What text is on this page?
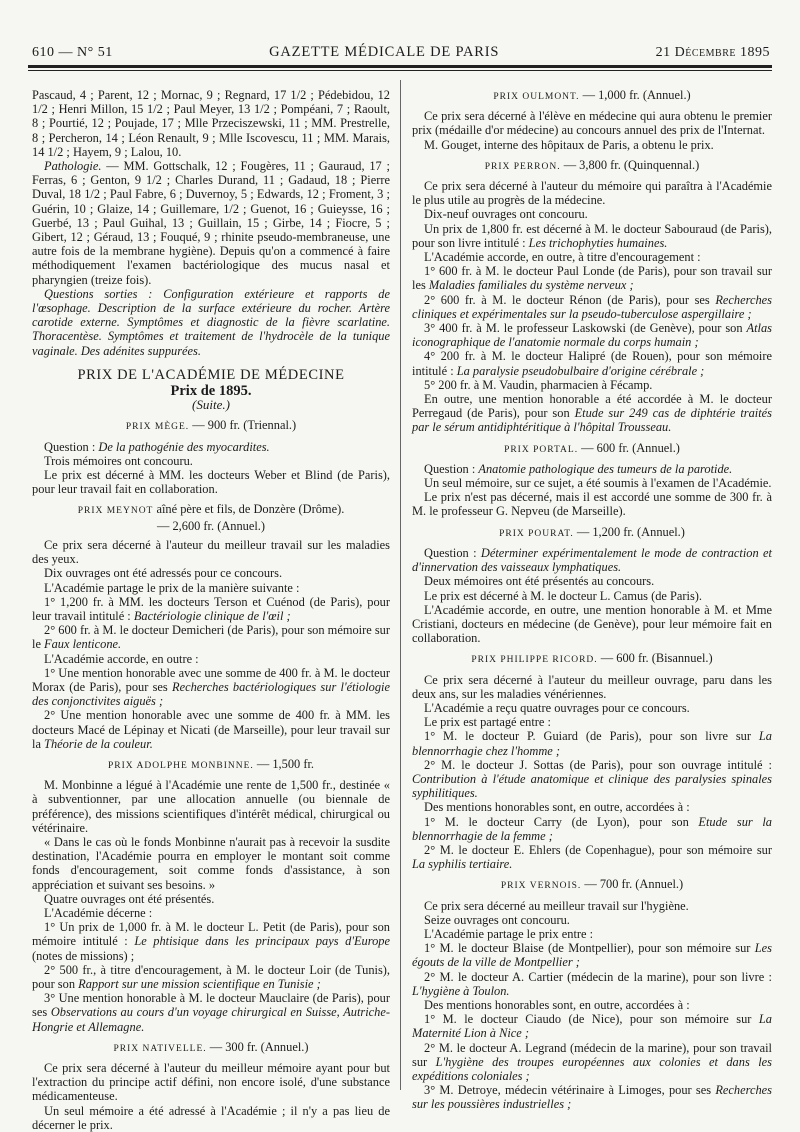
610 — N° 51	GAZETTE MÉDICALE DE PARIS	21 Décembre 1895

Pascaud, 4 ; Parent, 12 ; Mornac, 9 ; Regnard, 17 1/2 ; Pédebidou, 12 1/2 ; Henri Millon, 15 1/2 ; Paul Meyer, 13 1/2 ; Pompéani, 7 ; Raoult, 8 ; Pourtié, 12 ; Poujade, 17 ; Mlle Przeciszewski, 11 ; MM. Prestrelle, 8 ; Percheron, 14 ; Léon Renault, 9 ; Mlle Iscovescu, 11 ; MM. Marais, 14 1/2 ; Hayem, 9 ; Lalou, 10.

Pathologie. — MM. Gottschalk, 12 ; Fougères, 11 ; Gauraud, 17 ; Ferras, 6 ; Genton, 9 1/2 ; Charles Durand, 11 ; Gadaud, 18 ; Pierre Duval, 18 1/2 ; Paul Fabre, 6 ; Duvernoy, 5 ; Edwards, 12 ; Froment, 3 ; Guérin, 10 ; Glaize, 14 ; Guillemare, 1/2 ; Guenot, 16 ; Guieysse, 16 ; Guerbé, 13 ; Paul Guihal, 13 ; Guillain, 15 ; Girbe, 14 ; Fiocre, 5 ; Gibert, 12 ; Géraud, 13 ; Fouqué, 9 ; rhinite pseudo-membraneuse, une autre fois de la membrane hygiène). Depuis qu'on a commencé à faire méthodiquement l'examen bactériologique des mucus nasal et pharyngien (treize fois).

Questions sorties : Configuration extérieure et rapports de l'œsophage. Description de la surface extérieure du rocher. Artère carotide externe. Symptômes et diagnostic de la fièvre scarlatine. Thoracentèse. Symptômes et traitement de l'hydrocèle de la tunique vaginale. Des adénites suppurées.

PRIX DE L'ACADÉMIE DE MÉDECINE
Prix de 1895.
(Suite.)
PRIX MÈGE. — 900 fr. (Triennal.)

Question : De la pathogénie des myocardites.

Trois mémoires ont concouru.

Le prix est décerné à MM. les docteurs Weber et Blind (de Paris), pour leur travail fait en collaboration.

PRIX MEYNOT aîné père et fils, de Donzère (Drôme).
— 2,600 fr. (Annuel.)

Ce prix sera décerné à l'auteur du meilleur travail sur les maladies des yeux.

Dix ouvrages ont été adressés pour ce concours.

L'Académie partage le prix de la manière suivante :

1° 1,200 fr. à MM. les docteurs Terson et Cuénod (de Paris), pour leur travail intitulé : Bactériologie clinique de l'œil ;

2° 600 fr. à M. le docteur Demicheri (de Paris), pour son mémoire sur le Faux lenticone.

L'Académie accorde, en outre :

1° Une mention honorable avec une somme de 400 fr. à M. le docteur Morax (de Paris), pour ses Recherches bactériologiques sur l'étiologie des conjonctivites aiguës ;

2° Une mention honorable avec une somme de 400 fr. à MM. les docteurs Macé de Lépinay et Nicati (de Marseille), pour leur travail sur la Théorie de la couleur.

PRIX ADOLPHE MONBINNE. — 1,500 fr.

M. Monbinne a légué à l'Académie une rente de 1,500 fr., destinée « à subventionner, par une allocation annuelle (ou biennale de préférence), des missions scientifiques d'intérêt médical, chirurgical ou vétérinaire.

« Dans le cas où le fonds Monbinne n'aurait pas à recevoir la susdite destination, l'Académie pourra en employer le montant soit comme fonds d'encouragement, soit comme fonds d'assistance, à son appréciation et suivant ses besoins. »

Quatre ouvrages ont été présentés.

L'Académie décerne :

1° Un prix de 1,000 fr. à M. le docteur L. Petit (de Paris), pour son mémoire intitulé : Le phtisique dans les principaux pays d'Europe (notes de missions) ;

2° 500 fr., à titre d'encouragement, à M. le docteur Loir (de Tunis), pour son Rapport sur une mission scientifique en Tunisie ;

3° Une mention honorable à M. le docteur Mauclaire (de Paris), pour ses Observations au cours d'un voyage chirurgical en Suisse, Autriche-Hongrie et Allemagne.

PRIX NATIVELLE. — 300 fr. (Annuel.)

Ce prix sera décerné à l'auteur du meilleur mémoire ayant pour but l'extraction du principe actif défini, non encore isolé, d'une substance médicamenteuse.

Un seul mémoire a été adressé à l'Académie ; il n'y a pas lieu de décerner le prix.

PRIX OULMONT. — 1,000 fr. (Annuel.)

Ce prix sera décerné à l'élève en médecine qui aura obtenu le premier prix (médaille d'or médecine) au concours annuel des prix de l'Internat.

M. Gouget, interne des hôpitaux de Paris, a obtenu le prix.

PRIX PERRON. — 3,800 fr. (Quinquennal.)

Ce prix sera décerné à l'auteur du mémoire qui paraîtra à l'Académie le plus utile au progrès de la médecine.

Dix-neuf ouvrages ont concouru.

Un prix de 1,800 fr. est décerné à M. le docteur Sabouraud (de Paris), pour son livre intitulé : Les trichophyties humaines.

L'Académie accorde, en outre, à titre d'encouragement :

1° 600 fr. à M. le docteur Paul Londe (de Paris), pour son travail sur les Maladies familiales du système nerveux ;

2° 600 fr. à M. le docteur Rénon (de Paris), pour ses Recherches cliniques et expérimentales sur la pseudo-tuberculose aspergillaire ;

3° 400 fr. à M. le professeur Laskowski (de Genève), pour son Atlas iconographique de l'anatomie normale du corps humain ;

4° 200 fr. à M. le docteur Halipré (de Rouen), pour son mémoire intitulé : La paralysie pseudobulbaire d'origine cérébrale ;

5° 200 fr. à M. Vaudin, pharmacien à Fécamp.

En outre, une mention honorable a été accordée à M. le docteur Perregaud (de Paris), pour son Etude sur 249 cas de diphtérie traités par le sérum antidiphtéritique à l'hôpital Trousseau.

PRIX PORTAL. — 600 fr. (Annuel.)

Question : Anatomie pathologique des tumeurs de la parotide.

Un seul mémoire, sur ce sujet, a été soumis à l'examen de l'Académie.

Le prix n'est pas décerné, mais il est accordé une somme de 300 fr. à M. le professeur G. Nepveu (de Marseille).

PRIX POURAT. — 1,200 fr. (Annuel.)

Question : Déterminer expérimentalement le mode de contraction et d'innervation des vaisseaux lymphatiques.

Deux mémoires ont été présentés au concours.

Le prix est décerné à M. le docteur L. Camus (de Paris).

L'Académie accorde, en outre, une mention honorable à M. et Mme Cristiani, docteurs en médecine (de Genève), pour leur mémoire fait en collaboration.

PRIX PHILIPPE RICORD. — 600 fr. (Bisannuel.)

Ce prix sera décerné à l'auteur du meilleur ouvrage, paru dans les deux ans, sur les maladies vénériennes.

L'Académie a reçu quatre ouvrages pour ce concours.

Le prix est partagé entre :

1° M. le docteur P. Guiard (de Paris), pour son livre sur La blennorrhagie chez l'homme ;

2° M. le docteur J. Sottas (de Paris), pour son ouvrage intitulé : Contribution à l'étude anatomique et clinique des paralysies spinales syphilitiques.

Des mentions honorables sont, en outre, accordées à :

1° M. le docteur Carry (de Lyon), pour son Etude sur la blennorrhagie de la femme ;

2° M. le docteur E. Ehlers (de Copenhague), pour son mémoire sur La syphilis tertiaire.

PRIX VERNOIS. — 700 fr. (Annuel.)

Ce prix sera décerné au meilleur travail sur l'hygiène.

Seize ouvrages ont concouru.

L'Académie partage le prix entre :

1° M. le docteur Blaise (de Montpellier), pour son mémoire sur Les égouts de la ville de Montpellier ;

2° M. le docteur A. Cartier (médecin de la marine), pour son livre : L'hygiène à Toulon.

Des mentions honorables sont, en outre, accordées à :

1° M. le docteur Ciaudo (de Nice), pour son mémoire sur La Maternité Lion à Nice ;

2° M. le docteur A. Legrand (médecin de la marine), pour son travail sur L'hygiène des troupes européennes aux colonies et dans les expéditions coloniales ;

3° M. Detroye, médecin vétérinaire à Limoges, pour ses Recherches sur les poussières industrielles ;
